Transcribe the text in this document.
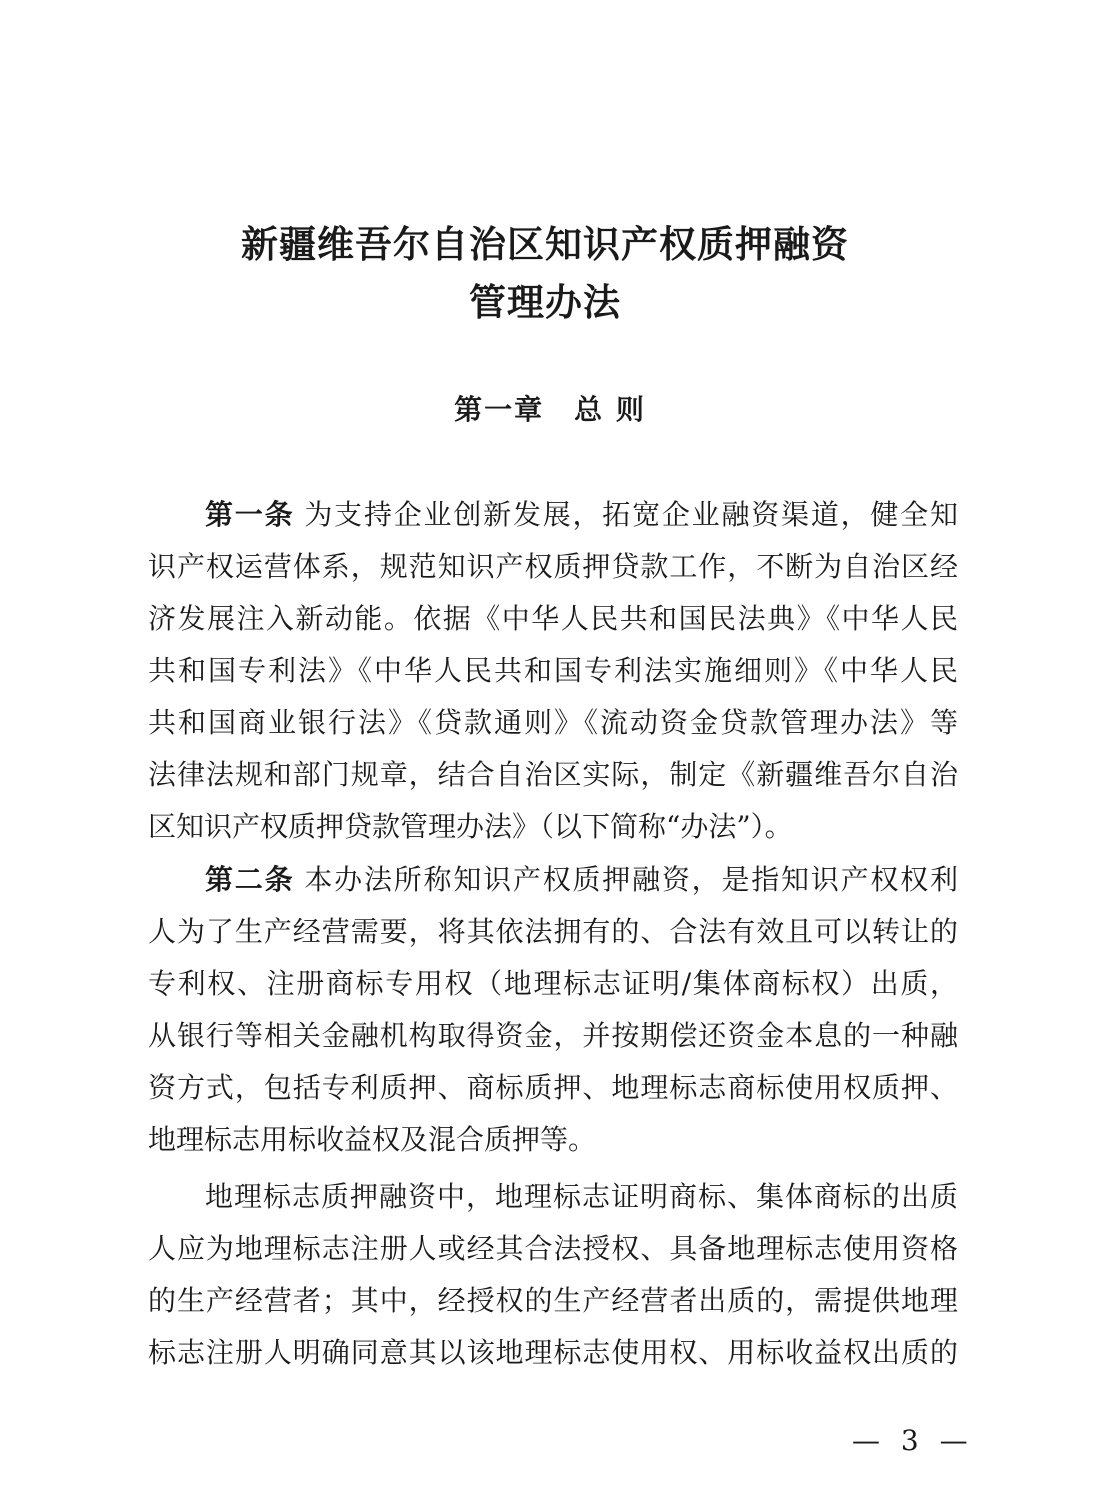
新疆维吾尔自治区知识产权质押融资
管理办法
第一章　总 则
第一条 为支持企业创新发展，拓宽企业融资渠道，健全知
识产权运营体系，规范知识产权质押贷款工作，不断为自治区经
济发展注入新动能。依据《中华人民共和国民法典》《中华人民
共和国专利法》《中华人民共和国专利法实施细则》《中华人民
共和国商业银行法》《贷款通则》《流动资金贷款管理办法》等
法律法规和部门规章，结合自治区实际，制定《新疆维吾尔自治
区知识产权质押贷款管理办法》（以下简称“办法”）。
第二条 本办法所称知识产权质押融资，是指知识产权权利
人为了生产经营需要，将其依法拥有的、合法有效且可以转让的
专利权、注册商标专用权（地理标志证明/集体商标权）出质，
从银行等相关金融机构取得资金，并按期偿还资金本息的一种融
资方式，包括专利质押、商标质押、地理标志商标使用权质押、
地理标志用标收益权及混合质押等。
地理标志质押融资中，地理标志证明商标、集体商标的出质
人应为地理标志注册人或经其合法授权、具备地理标志使用资格
的生产经营者；其中，经授权的生产经营者出质的，需提供地理
标志注册人明确同意其以该地理标志使用权、用标收益权出质的
— 3 —
